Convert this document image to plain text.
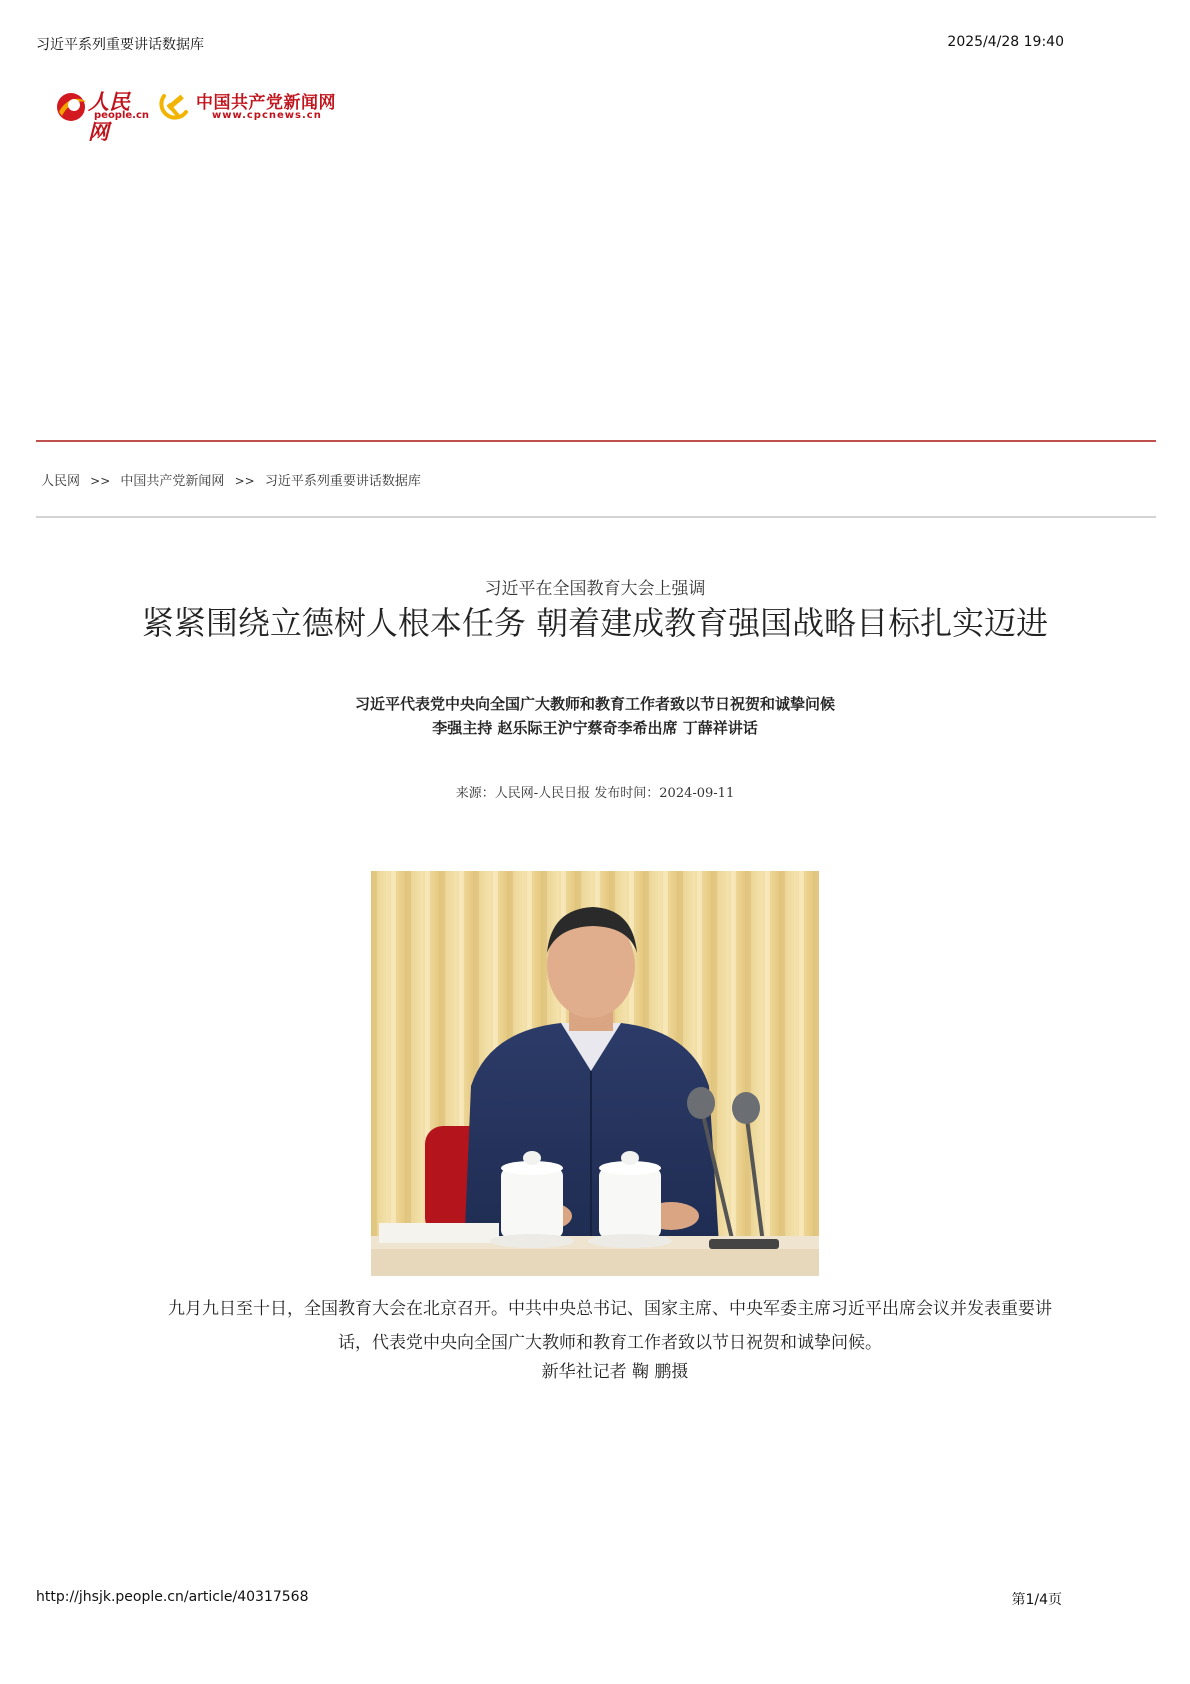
习近平系列重要讲话数据库	2025/4/28 19:40
人民网
people.cn
中国共产党新闻网
www.cpcnews.cn
人民网 >> 中国共产党新闻网 >> 习近平系列重要讲话数据库
习近平在全国教育大会上强调
紧紧围绕立德树人根本任务 朝着建成教育强国战略目标扎实迈进
习近平代表党中央向全国广大教师和教育工作者致以节日祝贺和诚挚问候
李强主持 赵乐际王沪宁蔡奇李希出席 丁薛祥讲话
来源：人民网-人民日报 发布时间：2024-09-11
九月九日至十日，全国教育大会在北京召开。中共中央总书记、国家主席、中央军委主席习近平出席会议并发表重要讲话，代表党中央向全国广大教师和教育工作者致以节日祝贺和诚挚问候。
新华社记者 鞠 鹏摄
http://jhsjk.people.cn/article/40317568	第1/4页
